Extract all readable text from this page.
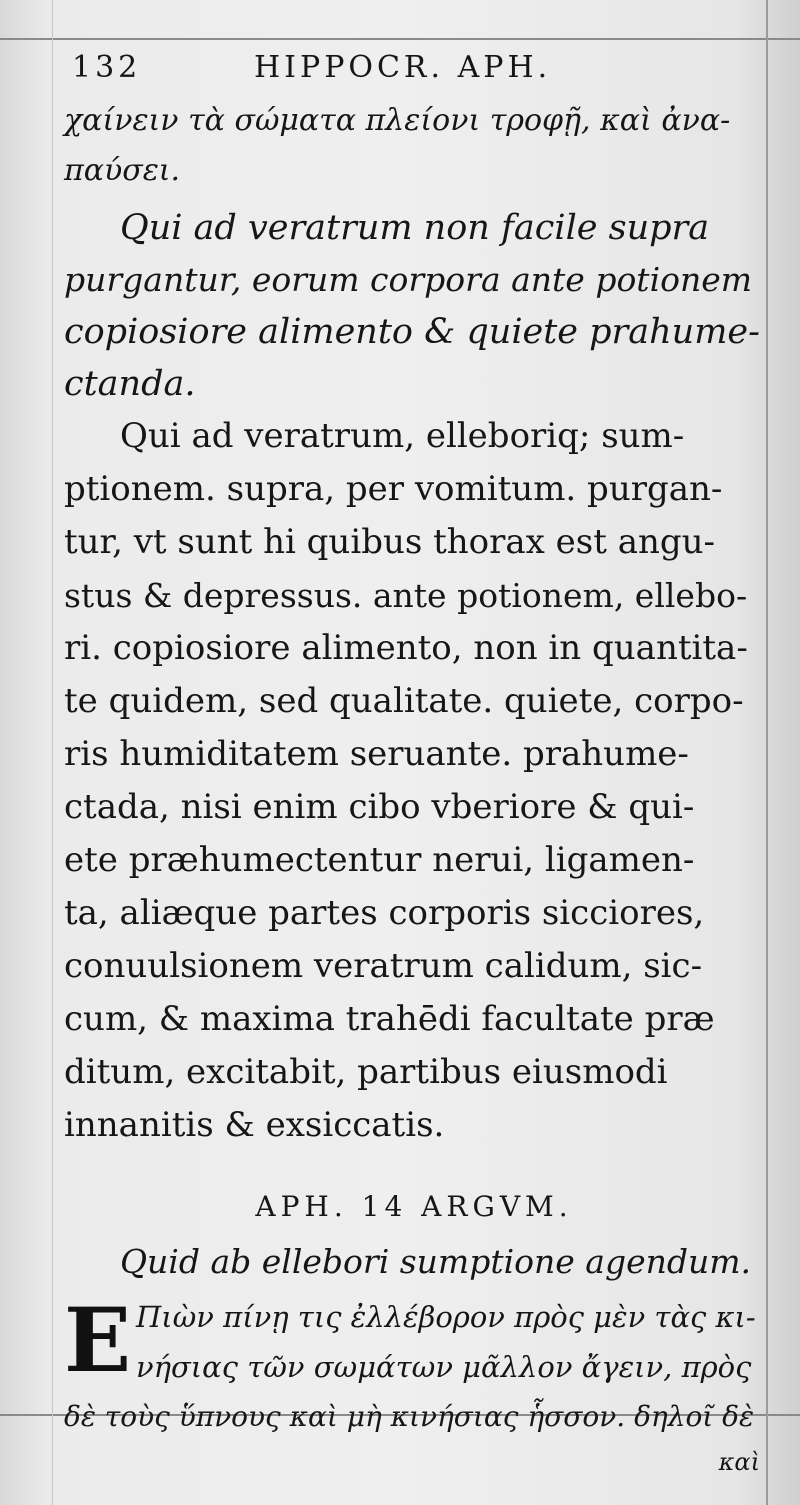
132	HIPPOCR. APH.
χαίνειν τὰ σώματα πλείονι τροφῇ, καὶ ἀνα-
παύσει.
Qui ad veratrum non facile supra
purgantur, eorum corpora ante potionem
copiosiore alimento & quiete prahume-
ctanda.
Qui ad veratrum, elleboriq; sum-
ptionem. supra, per vomitum. purgan-
tur, vt sunt hi quibus thorax est angu-
stus & depressus. ante potionem, ellebo-
ri. copiosiore alimento, non in quantita-
te quidem, sed qualitate. quiete, corpo-
ris humiditatem seruante. prahume-
ctada, nisi enim cibo vberiore & qui-
ete præhumectentur nerui, ligamen-
ta, aliæque partes corporis sicciores,
conuulsionem veratrum calidum, sic-
cum, & maxima trahēdi facultate præ
ditum, excitabit, partibus eiusmodi
innanitis & exsiccatis.
APH. 14 ARGVM.
Quid ab ellebori sumptione agendum.
E Πιὼν πίνῃ τις ἐλλέβορον πρὸς μὲν τὰς κι-
νήσιας τῶν σωμάτων μᾶλλον ἄγειν, πρὸς
δὲ τοὺς ὕπνους καὶ μὴ κινήσιας ἧσσον. δηλοῖ δὲ
καὶ
